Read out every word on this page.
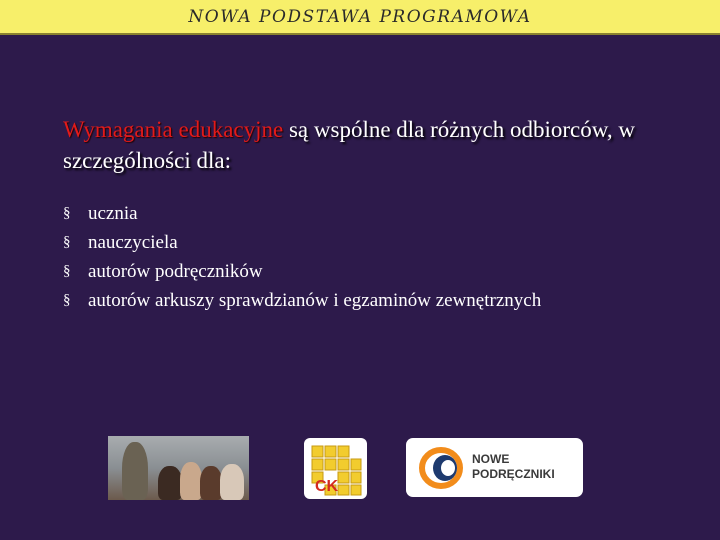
NOWA PODSTAWA PROGRAMOWA
Wymagania edukacyjne są wspólne dla różnych odbiorców, w szczególności dla:
§ ucznia
§ nauczyciela
§ autorów podręczników
§ autorów arkuszy sprawdzianów i egzaminów zewnętrznych
CK
NOWE
PODRĘCZNIKI
